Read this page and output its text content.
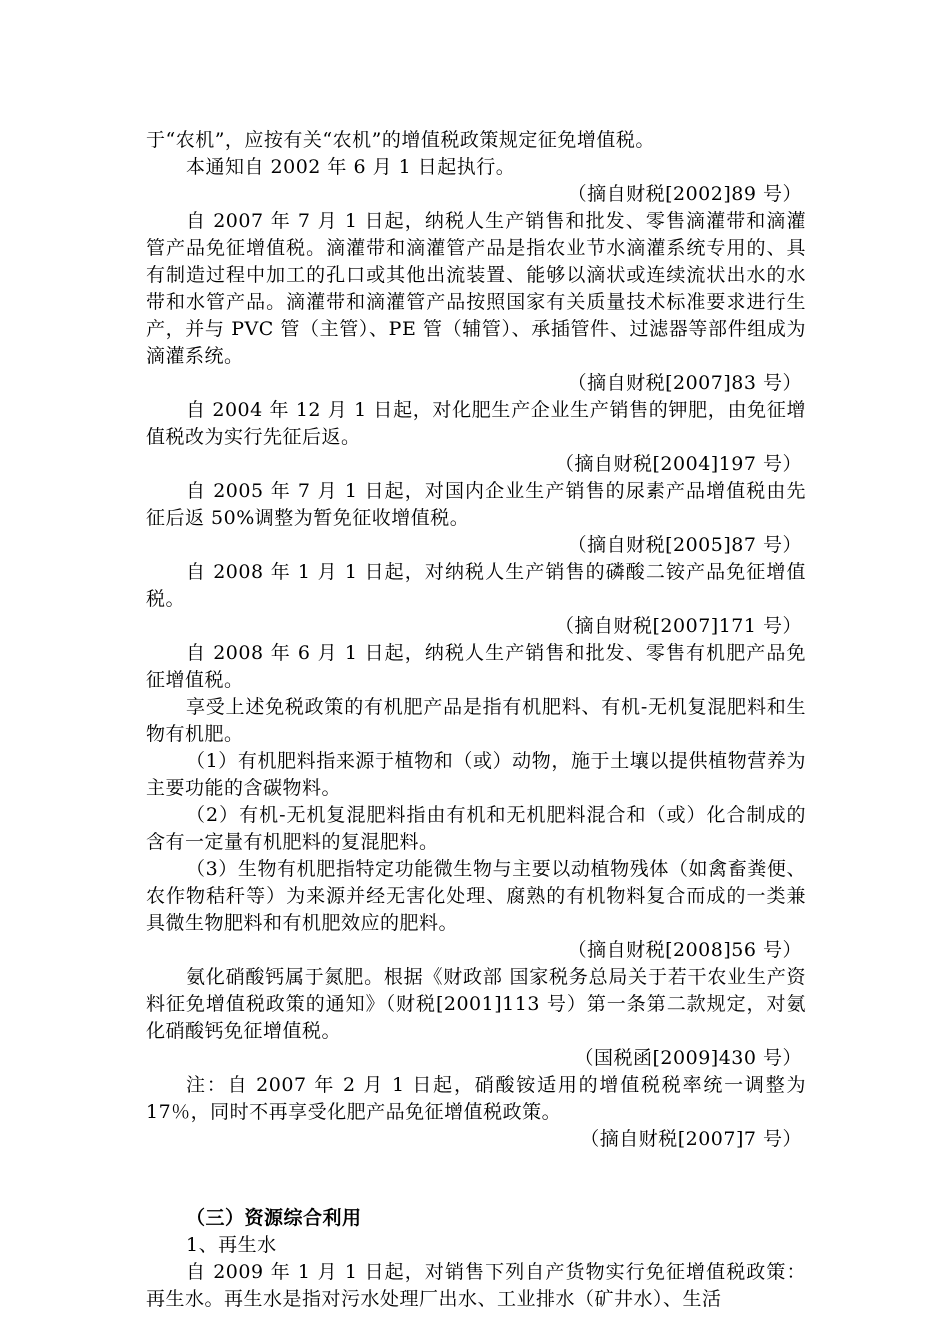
于“农机”，应按有关“农机”的增值税政策规定征免增值税。

本通知自 2002 年 6 月 1 日起执行。

（摘自财税[2002]89 号）

自 2007 年 7 月 1 日起，纳税人生产销售和批发、零售滴灌带和滴灌管产品免征增值税。滴灌带和滴灌管产品是指农业节水滴灌系统专用的、具有制造过程中加工的孔口或其他出流装置、能够以滴状或连续流状出水的水带和水管产品。滴灌带和滴灌管产品按照国家有关质量技术标准要求进行生产，并与 PVC 管（主管）、PE 管（辅管）、承插管件、过滤器等部件组成为滴灌系统。

（摘自财税[2007]83 号）

自 2004 年 12 月 1 日起，对化肥生产企业生产销售的钾肥，由免征增值税改为实行先征后返。

（摘自财税[2004]197 号）

自 2005 年 7 月 1 日起，对国内企业生产销售的尿素产品增值税由先征后返 50%调整为暂免征收增值税。

（摘自财税[2005]87 号）

自 2008 年 1 月 1 日起，对纳税人生产销售的磷酸二铵产品免征增值税。

（摘自财税[2007]171 号）

自 2008 年 6 月 1 日起，纳税人生产销售和批发、零售有机肥产品免征增值税。

享受上述免税政策的有机肥产品是指有机肥料、有机-无机复混肥料和生物有机肥。

（1）有机肥料指来源于植物和（或）动物，施于土壤以提供植物营养为主要功能的含碳物料。

（2）有机-无机复混肥料指由有机和无机肥料混合和（或）化合制成的含有一定量有机肥料的复混肥料。

（3）生物有机肥指特定功能微生物与主要以动植物残体（如禽畜粪便、农作物秸秆等）为来源并经无害化处理、腐熟的有机物料复合而成的一类兼具微生物肥料和有机肥效应的肥料。

（摘自财税[2008]56 号）

氨化硝酸钙属于氮肥。根据《财政部 国家税务总局关于若干农业生产资料征免增值税政策的通知》（财税[2001]113 号）第一条第二款规定，对氨化硝酸钙免征增值税。

（国税函[2009]430 号）

注：自 2007 年 2 月 1 日起，硝酸铵适用的增值税税率统一调整为 17％，同时不再享受化肥产品免征增值税政策。

（摘自财税[2007]7 号）

（三）资源综合利用

1、再生水

自 2009 年 1 月 1 日起，对销售下列自产货物实行免征增值税政策：再生水。再生水是指对污水处理厂出水、工业排水（矿井水）、生活
